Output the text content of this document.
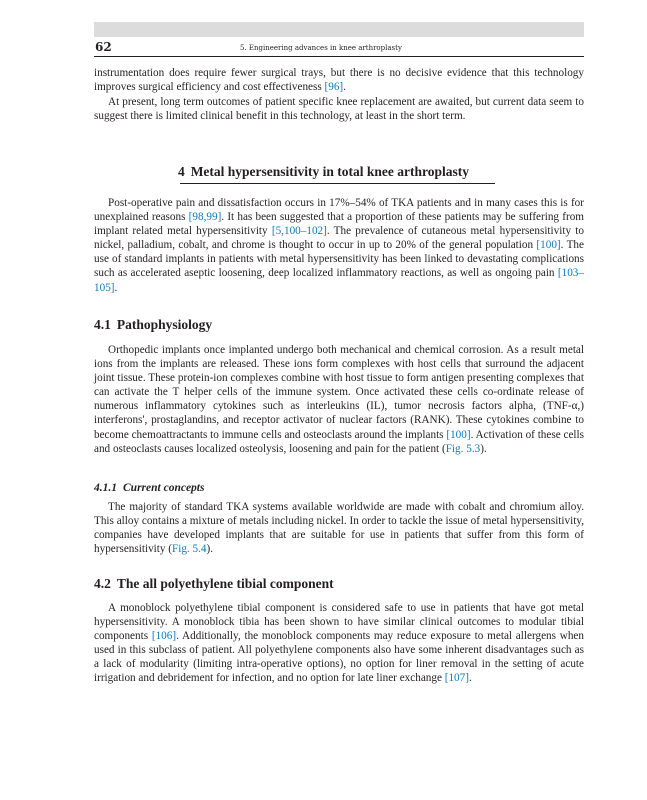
62	5. Engineering advances in knee arthroplasty

instrumentation does require fewer surgical trays, but there is no decisive evidence that this technology improves surgical efficiency and cost effectiveness [96].

At present, long term outcomes of patient specific knee replacement are awaited, but current data seem to suggest there is limited clinical benefit in this technology, at least in the short term.

4 Metal hypersensitivity in total knee arthroplasty

Post-operative pain and dissatisfaction occurs in 17%–54% of TKA patients and in many cases this is for unexplained reasons [98,99]. It has been suggested that a proportion of these patients may be suffering from implant related metal hypersensitivity [5,100–102]. The prevalence of cutaneous metal hypersensitivity to nickel, palladium, cobalt, and chrome is thought to occur in up to 20% of the general population [100]. The use of standard implants in patients with metal hypersensitivity has been linked to devastating complications such as accelerated aseptic loosening, deep localized inflammatory reactions, as well as ongoing pain [103–105].

4.1 Pathophysiology

Orthopedic implants once implanted undergo both mechanical and chemical corrosion. As a result metal ions from the implants are released. These ions form complexes with host cells that surround the adjacent joint tissue. These protein-ion complexes combine with host tissue to form antigen presenting complexes that can activate the T helper cells of the immune system. Once activated these cells co-ordinate release of numerous inflammatory cytokines such as interleukins (IL), tumor necrosis factors alpha, (TNF-α,) interferons', prostaglandins, and receptor activator of nuclear factors (RANK). These cytokines combine to become chemoattractants to immune cells and osteoclasts around the implants [100]. Activation of these cells and osteoclasts causes localized osteolysis, loosening and pain for the patient (Fig. 5.3).

4.1.1 Current concepts

The majority of standard TKA systems available worldwide are made with cobalt and chromium alloy. This alloy contains a mixture of metals including nickel. In order to tackle the issue of metal hypersensitivity, companies have developed implants that are suitable for use in patients that suffer from this form of hypersensitivity (Fig. 5.4).

4.2 The all polyethylene tibial component

A monoblock polyethylene tibial component is considered safe to use in patients that have got metal hypersensitivity. A monoblock tibia has been shown to have similar clinical outcomes to modular tibial components [106]. Additionally, the monoblock components may reduce exposure to metal allergens when used in this subclass of patient. All polyethylene components also have some inherent disadvantages such as a lack of modularity (limiting intra-operative options), no option for liner removal in the setting of acute irrigation and debridement for infection, and no option for late liner exchange [107].
